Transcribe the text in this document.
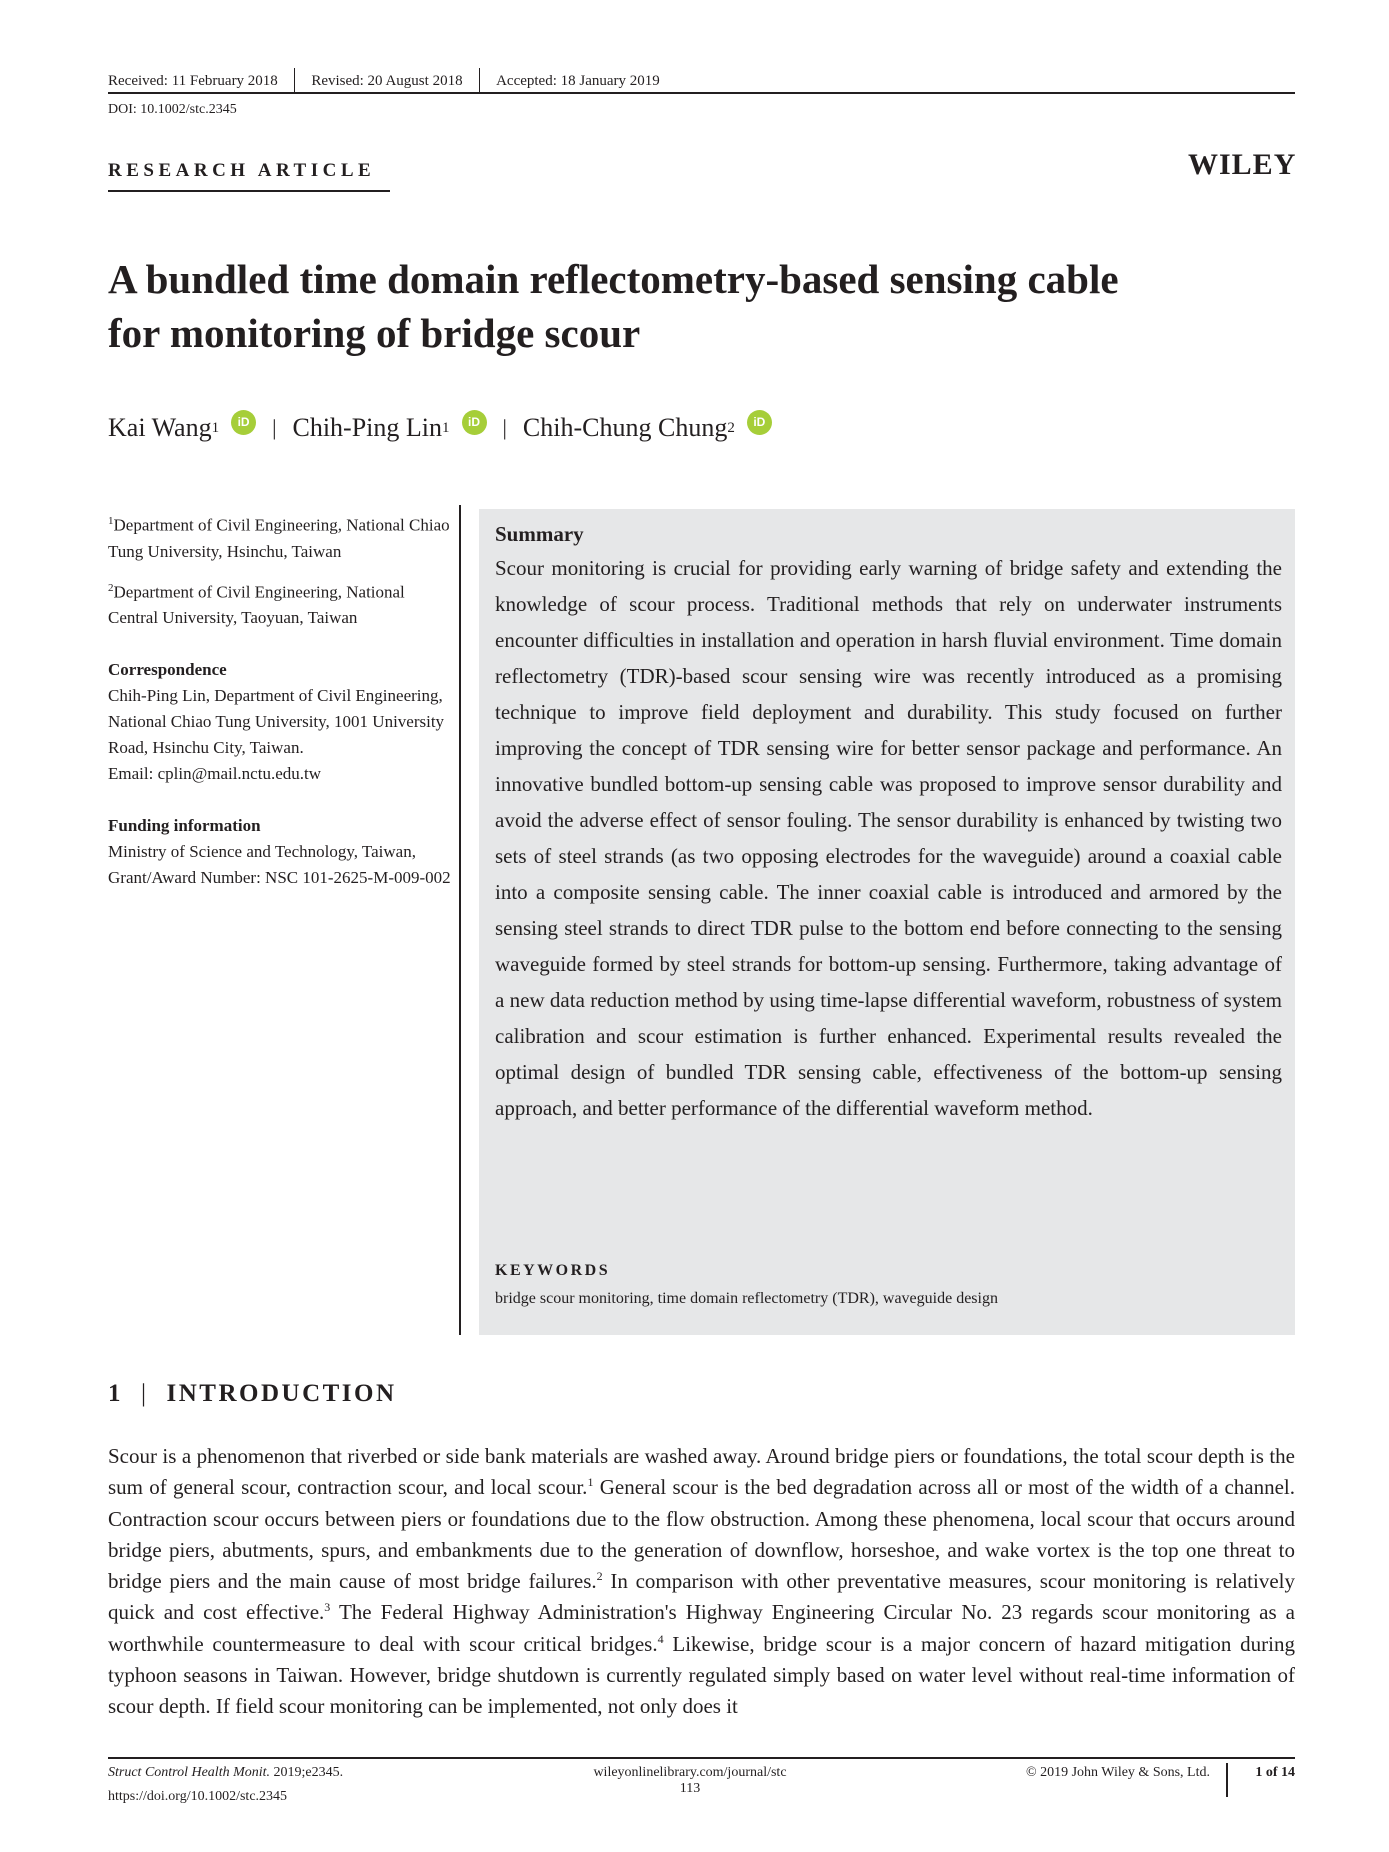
Received: 11 February 2018 Revised: 20 August 2018 Accepted: 18 January 2019
DOI: 10.1002/stc.2345
RESEARCH ARTICLE	WILEY
A bundled time domain reflectometry-based sensing cable
for monitoring of bridge scour
Kai Wang 1	iD | Chih-Ping Lin 1	iD | Chih-Chung Chung 2	iD

$^1$Department of Civil Engineering, National Chiao Tung University, Hsinchu, Taiwan

$^2$Department of Civil Engineering, National Central University, Taoyuan, Taiwan

Correspondence

Chih-Ping Lin, Department of Civil Engineering, National Chiao Tung University, 1001 University Road, Hsinchu City, Taiwan.

Email: cplin@mail.nctu.edu.tw

Funding information

Ministry of Science and Technology, Taiwan, Grant/Award Number: NSC 101-2625-M-009-002

Summary
Scour monitoring is crucial for providing early warning of bridge safety and extending the knowledge of scour process. Traditional methods that rely on underwater instruments encounter difficulties in installation and operation in harsh fluvial environment. Time domain reflectometry (TDR)-based scour sensing wire was recently introduced as a promising technique to improve field deployment and durability. This study focused on further improving the concept of TDR sensing wire for better sensor package and performance. An innovative bundled bottom-up sensing cable was proposed to improve sensor durability and avoid the adverse effect of sensor fouling. The sensor durability is enhanced by twisting two sets of steel strands (as two opposing electrodes for the waveguide) around a coaxial cable into a composite sensing cable. The inner coaxial cable is introduced and armored by the sensing steel strands to direct TDR pulse to the bottom end before connecting to the sensing waveguide formed by steel strands for bottom-up sensing. Furthermore, taking advantage of a new data reduction method by using time-lapse differential waveform, robustness of system calibration and scour estimation is further enhanced. Experimental results revealed the optimal design of bundled TDR sensing cable, effectiveness of the bottom-up sensing approach, and better performance of the differential waveform method.
KEYWORDS
bridge scour monitoring, time domain reflectometry (TDR), waveguide design
1 | INTRODUCTION
Scour is a phenomenon that riverbed or side bank materials are washed away. Around bridge piers or foundations, the total scour depth is the sum of general scour, contraction scour, and local scour.$^1$ General scour is the bed degradation across all or most of the width of a channel. Contraction scour occurs between piers or foundations due to the flow obstruction. Among these phenomena, local scour that occurs around bridge piers, abutments, spurs, and embankments due to the generation of downflow, horseshoe, and wake vortex is the top one threat to bridge piers and the main cause of most bridge failures.$^2$ In comparison with other preventative measures, scour monitoring is relatively quick and cost effective.$^3$ The Federal Highway Administration's Highway Engineering Circular No. 23 regards scour monitoring as a worthwhile countermeasure to deal with scour critical bridges.$^4$ Likewise, bridge scour is a major concern of hazard mitigation during typhoon seasons in Taiwan. However, bridge shutdown is currently regulated simply based on water level without real-time information of scour depth. If field scour monitoring can be implemented, not only does it
Struct Control Health Monit. 2019;e2345.
https://doi.org/10.1002/stc.2345
wileyonlinelibrary.com/journal/stc
113
© 2019 John Wiley & Sons, Ltd.	1 of 14
